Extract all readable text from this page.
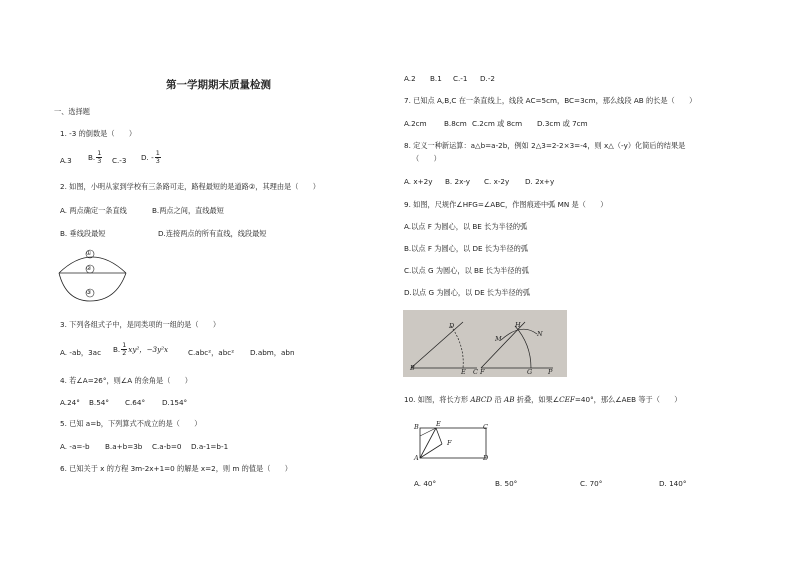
第一学期期末质量检测
一、选择题
1. -3 的倒数是（　　）
A.3 B. $\frac{1}{3} C.-3$ D. - $\frac{1}{3}$
2. 如图，小明从家到学校有三条路可走，路程最短的是道路②，其理由是（　　）
A. 两点确定一条直线	B.两点之间，直线最短
B. 垂线段最短	D.连接两点的所有直线，线段最短
①
②
③
3. 下列各组式子中，是同类项的一组的是（　　）
A. -ab，3ac B. $\frac{1}{2} xy^2$，−3y²x	C.abc²，abc² D.abm，abn
4. 若∠A=26°，则∠A 的余角是（　　）
A.24° B.54° C.64° D.154°
5. 已知 a=b，下列算式不成立的是（　　）
A. -a=-b B.a+b=3b C.a-b=0 D.a-1=b-1
6. 已知关于 x 的方程 3m-2x+1=0 的解是 x=2，则 m 的值是（　　）
A.2 B.1 C.-1 D.-2
7. 已知点 A,B,C 在一条直线上，线段 AC=5cm，BC=3cm，那么线段 AB 的长是（　　）
A.2cm B.8cm C.2cm 或 8cm D.3cm 或 7cm
8. 定义一种新运算：a△b=a-2b，例如 2△3=2-2×3=-4，则 x△（-y）化简后的结果是
（　　）
A. x+2y B. 2x-y C. x-2y D. 2x+y
9. 如图，尺规作∠HFG=∠ABC，作图痕迹中弧 MN 是（　　）
A.以点 F 为圆心，以 BE 长为半径的弧
B.以点 F 为圆心，以 DE 长为半径的弧
C.以点 G 为圆心，以 BE 长为半径的弧
D.以点 G 为圆心，以 DE 长为半径的弧
D
B	E C
H
N
M
F	G P
10. 如图，将长方形 ABCD 沿 AB 折叠，如果∠CEF=40°，那么∠AEB 等于（　　）
B	E	C
F
A	D
A. 40°	B. 50°	C. 70°	D. 140°
